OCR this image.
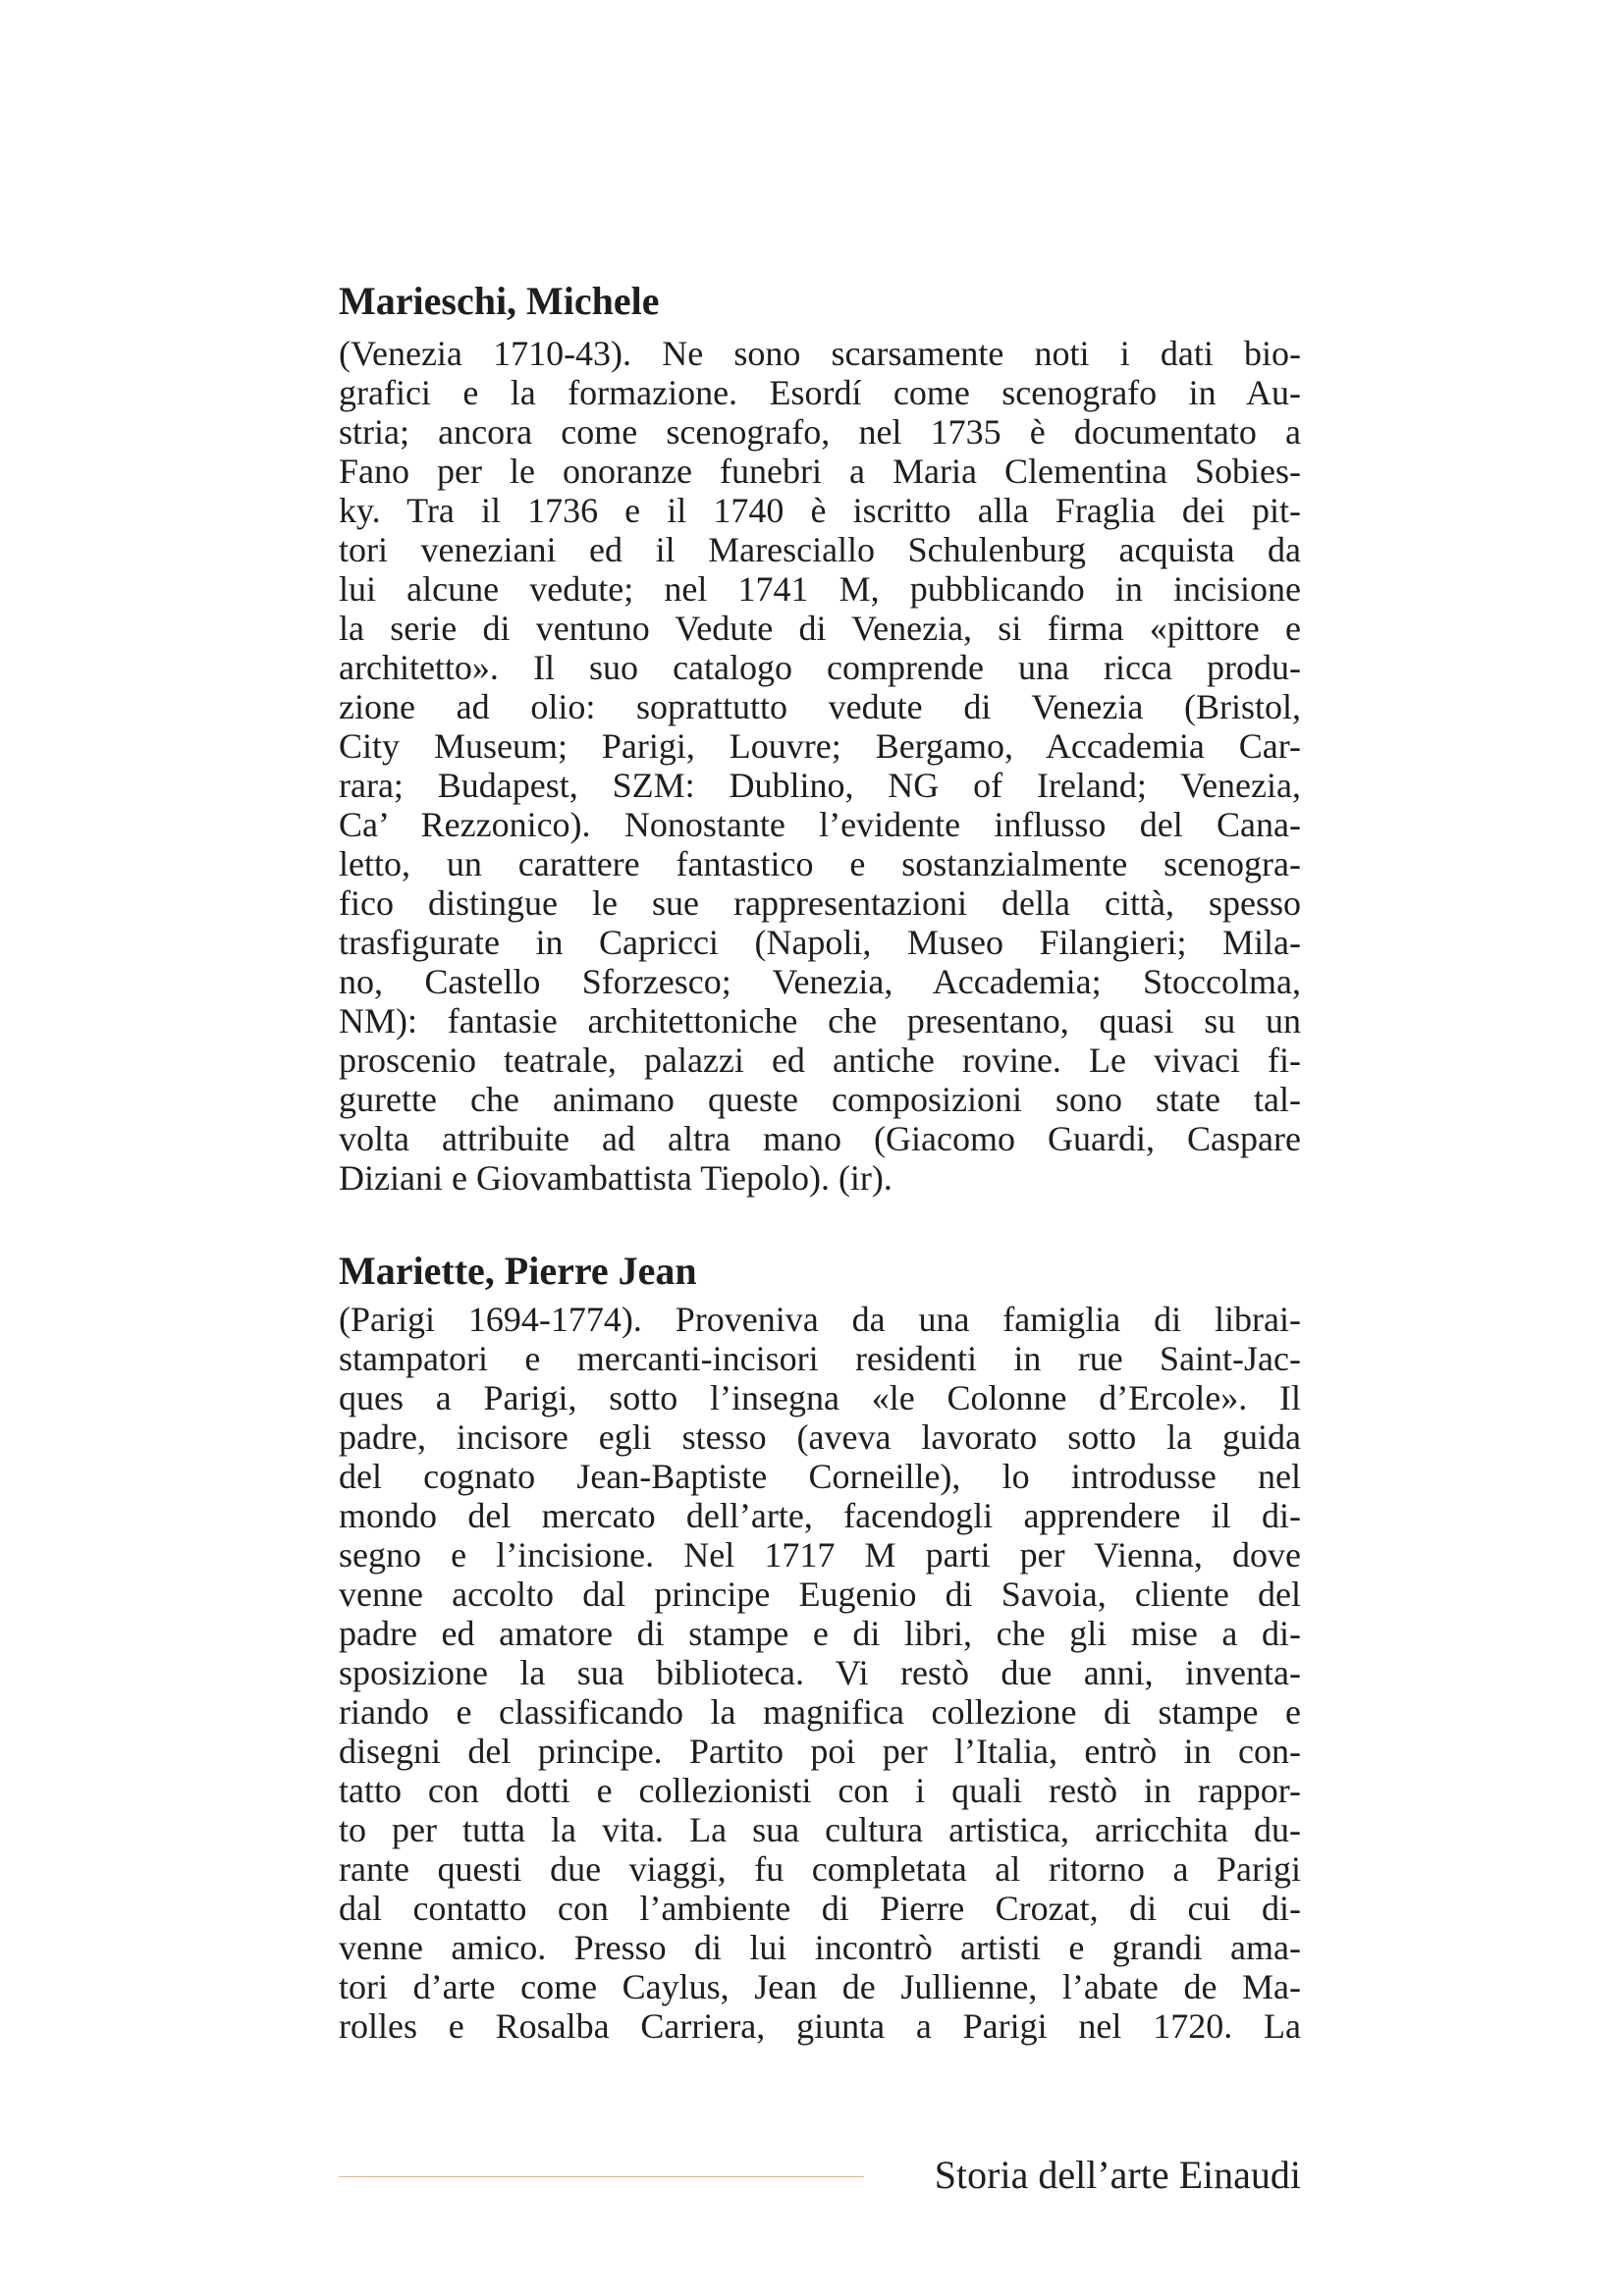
Marieschi, Michele
(Venezia 1710-43). Ne sono scarsamente noti i dati bio-
grafici e la formazione. Esordí come scenografo in Au-
stria; ancora come scenografo, nel 1735 è documentato a
Fano per le onoranze funebri a Maria Clementina Sobies-
ky. Tra il 1736 e il 1740 è iscritto alla Fraglia dei pit-
tori veneziani ed il Maresciallo Schulenburg acquista da
lui alcune vedute; nel 1741 M, pubblicando in incisione
la serie di ventuno Vedute di Venezia, si firma «pittore e
architetto». Il suo catalogo comprende una ricca produ-
zione ad olio: soprattutto vedute di Venezia (Bristol,
City Museum; Parigi, Louvre; Bergamo, Accademia Car-
rara; Budapest, SZM: Dublino, NG of Ireland; Venezia,
Ca’ Rezzonico). Nonostante l’evidente influsso del Cana-
letto, un carattere fantastico e sostanzialmente scenogra-
fico distingue le sue rappresentazioni della città, spesso
trasfigurate in Capricci (Napoli, Museo Filangieri; Mila-
no, Castello Sforzesco; Venezia, Accademia; Stoccolma,
NM): fantasie architettoniche che presentano, quasi su un
proscenio teatrale, palazzi ed antiche rovine. Le vivaci fi-
gurette che animano queste composizioni sono state tal-
volta attribuite ad altra mano (Giacomo Guardi, Caspare
Diziani e Giovambattista Tiepolo). (ir).
Mariette, Pierre Jean
(Parigi 1694-1774). Proveniva da una famiglia di librai-
stampatori e mercanti-incisori residenti in rue Saint-Jac-
ques a Parigi, sotto l’insegna «le Colonne d’Ercole». Il
padre, incisore egli stesso (aveva lavorato sotto la guida
del cognato Jean-Baptiste Corneille), lo introdusse nel
mondo del mercato dell’arte, facendogli apprendere il di-
segno e l’incisione. Nel 1717 M parti per Vienna, dove
venne accolto dal principe Eugenio di Savoia, cliente del
padre ed amatore di stampe e di libri, che gli mise a di-
sposizione la sua biblioteca. Vi restò due anni, inventa-
riando e classificando la magnifica collezione di stampe e
disegni del principe. Partito poi per l’Italia, entrò in con-
tatto con dotti e collezionisti con i quali restò in rappor-
to per tutta la vita. La sua cultura artistica, arricchita du-
rante questi due viaggi, fu completata al ritorno a Parigi
dal contatto con l’ambiente di Pierre Crozat, di cui di-
venne amico. Presso di lui incontrò artisti e grandi ama-
tori d’arte come Caylus, Jean de Jullienne, l’abate de Ma-
rolles e Rosalba Carriera, giunta a Parigi nel 1720. La
Storia dell’arte Einaudi
